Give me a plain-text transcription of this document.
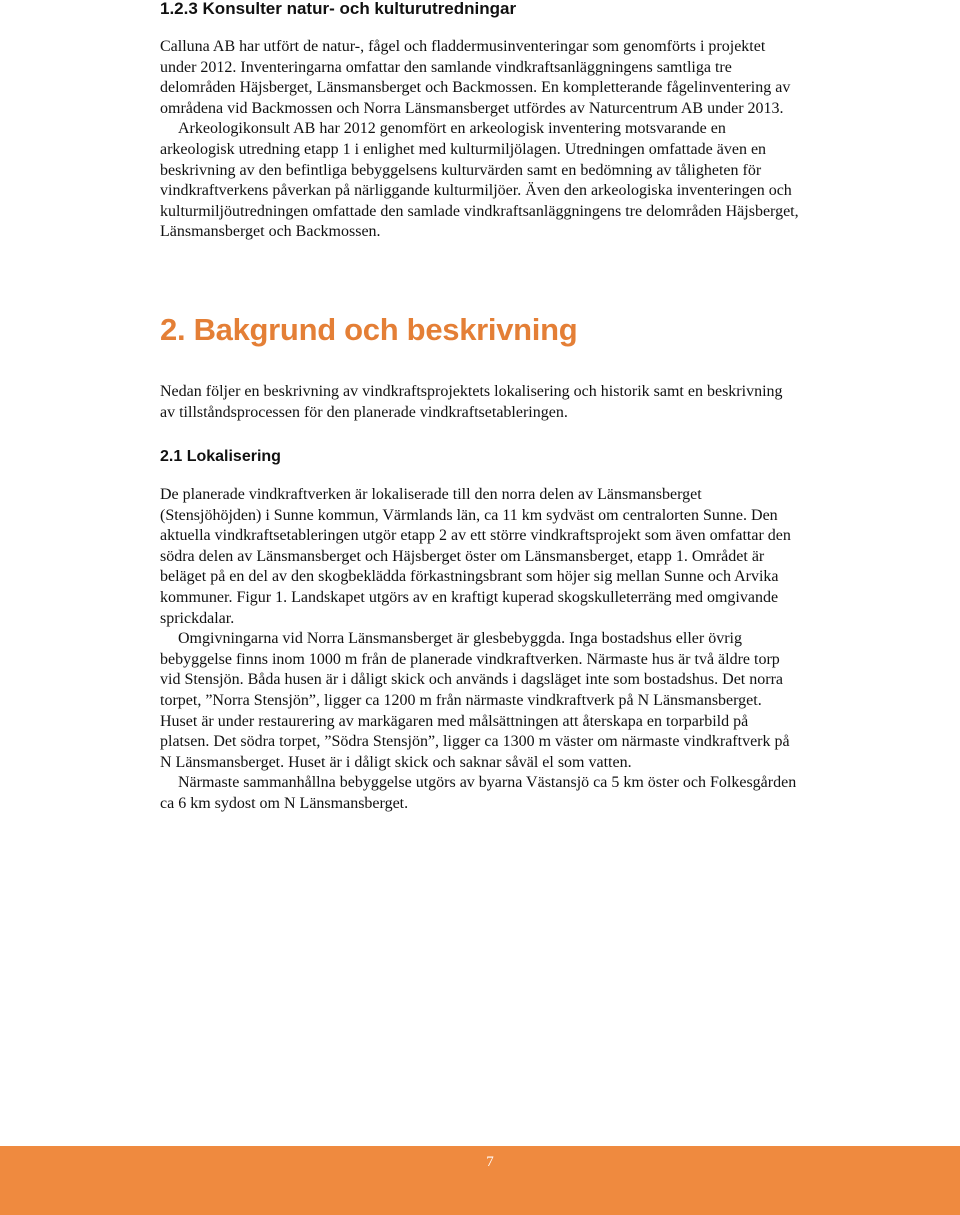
1.2.3 Konsulter natur- och kulturutredningar

Calluna AB har utfört de natur-, fågel och fladdermusinventeringar som genomförts i projektet under 2012. Inventeringarna omfattar den samlande vindkraftsanläggningens samtliga tre delområden Häjsberget, Länsmansberget och Backmossen. En kompletterande fågelinventering av områdena vid Backmossen och Norra Länsmansberget utfördes av Naturcentrum AB under 2013.

Arkeologikonsult AB har 2012 genomfört en arkeologisk inventering motsvarande en arkeologisk utredning etapp 1 i enlighet med kulturmiljölagen. Utredningen omfattade även en beskrivning av den befintliga bebyggelsens kulturvärden samt en bedömning av tåligheten för vindkraftverkens påverkan på närliggande kulturmiljöer. Även den arkeologiska inventeringen och kulturmiljöutredningen omfattade den samlade vindkraftsanläggningens tre delområden Häjsberget, Länsmansberget och Backmossen.

2. Bakgrund och beskrivning

Nedan följer en beskrivning av vindkraftsprojektets lokalisering och historik samt en beskrivning av tillståndsprocessen för den planerade vindkraftsetableringen.

2.1 Lokalisering

De planerade vindkraftverken är lokaliserade till den norra delen av Länsmansberget (Stensjöhöjden) i Sunne kommun, Värmlands län, ca 11 km sydväst om centralorten Sunne. Den aktuella vindkraftsetableringen utgör etapp 2 av ett större vindkraftsprojekt som även omfattar den södra delen av Länsmansberget och Häjsberget öster om Länsmansberget, etapp 1. Området är beläget på en del av den skogbeklädda förkastningsbrant som höjer sig mellan Sunne och Arvika kommuner. Figur 1. Landskapet utgörs av en kraftigt kuperad skogskulleterräng med omgivande sprickdalar.

Omgivningarna vid Norra Länsmansberget är glesbebyggda. Inga bostadshus eller övrig bebyggelse finns inom 1000 m från de planerade vindkraftverken. Närmaste hus är två äldre torp vid Stensjön. Båda husen är i dåligt skick och används i dagsläget inte som bostadshus. Det norra torpet, ”Norra Stensjön”, ligger ca 1200 m från närmaste vindkraftverk på N Länsmansberget. Huset är under restaurering av markägaren med målsättningen att återskapa en torparbild på platsen. Det södra torpet, ”Södra Stensjön”, ligger ca 1300 m väster om närmaste vindkraftverk på N Länsmansberget. Huset är i dåligt skick och saknar såväl el som vatten.

Närmaste sammanhållna bebyggelse utgörs av byarna Västansjö ca 5 km öster och Folkesgården ca 6 km sydost om N Länsmansberget.

7
